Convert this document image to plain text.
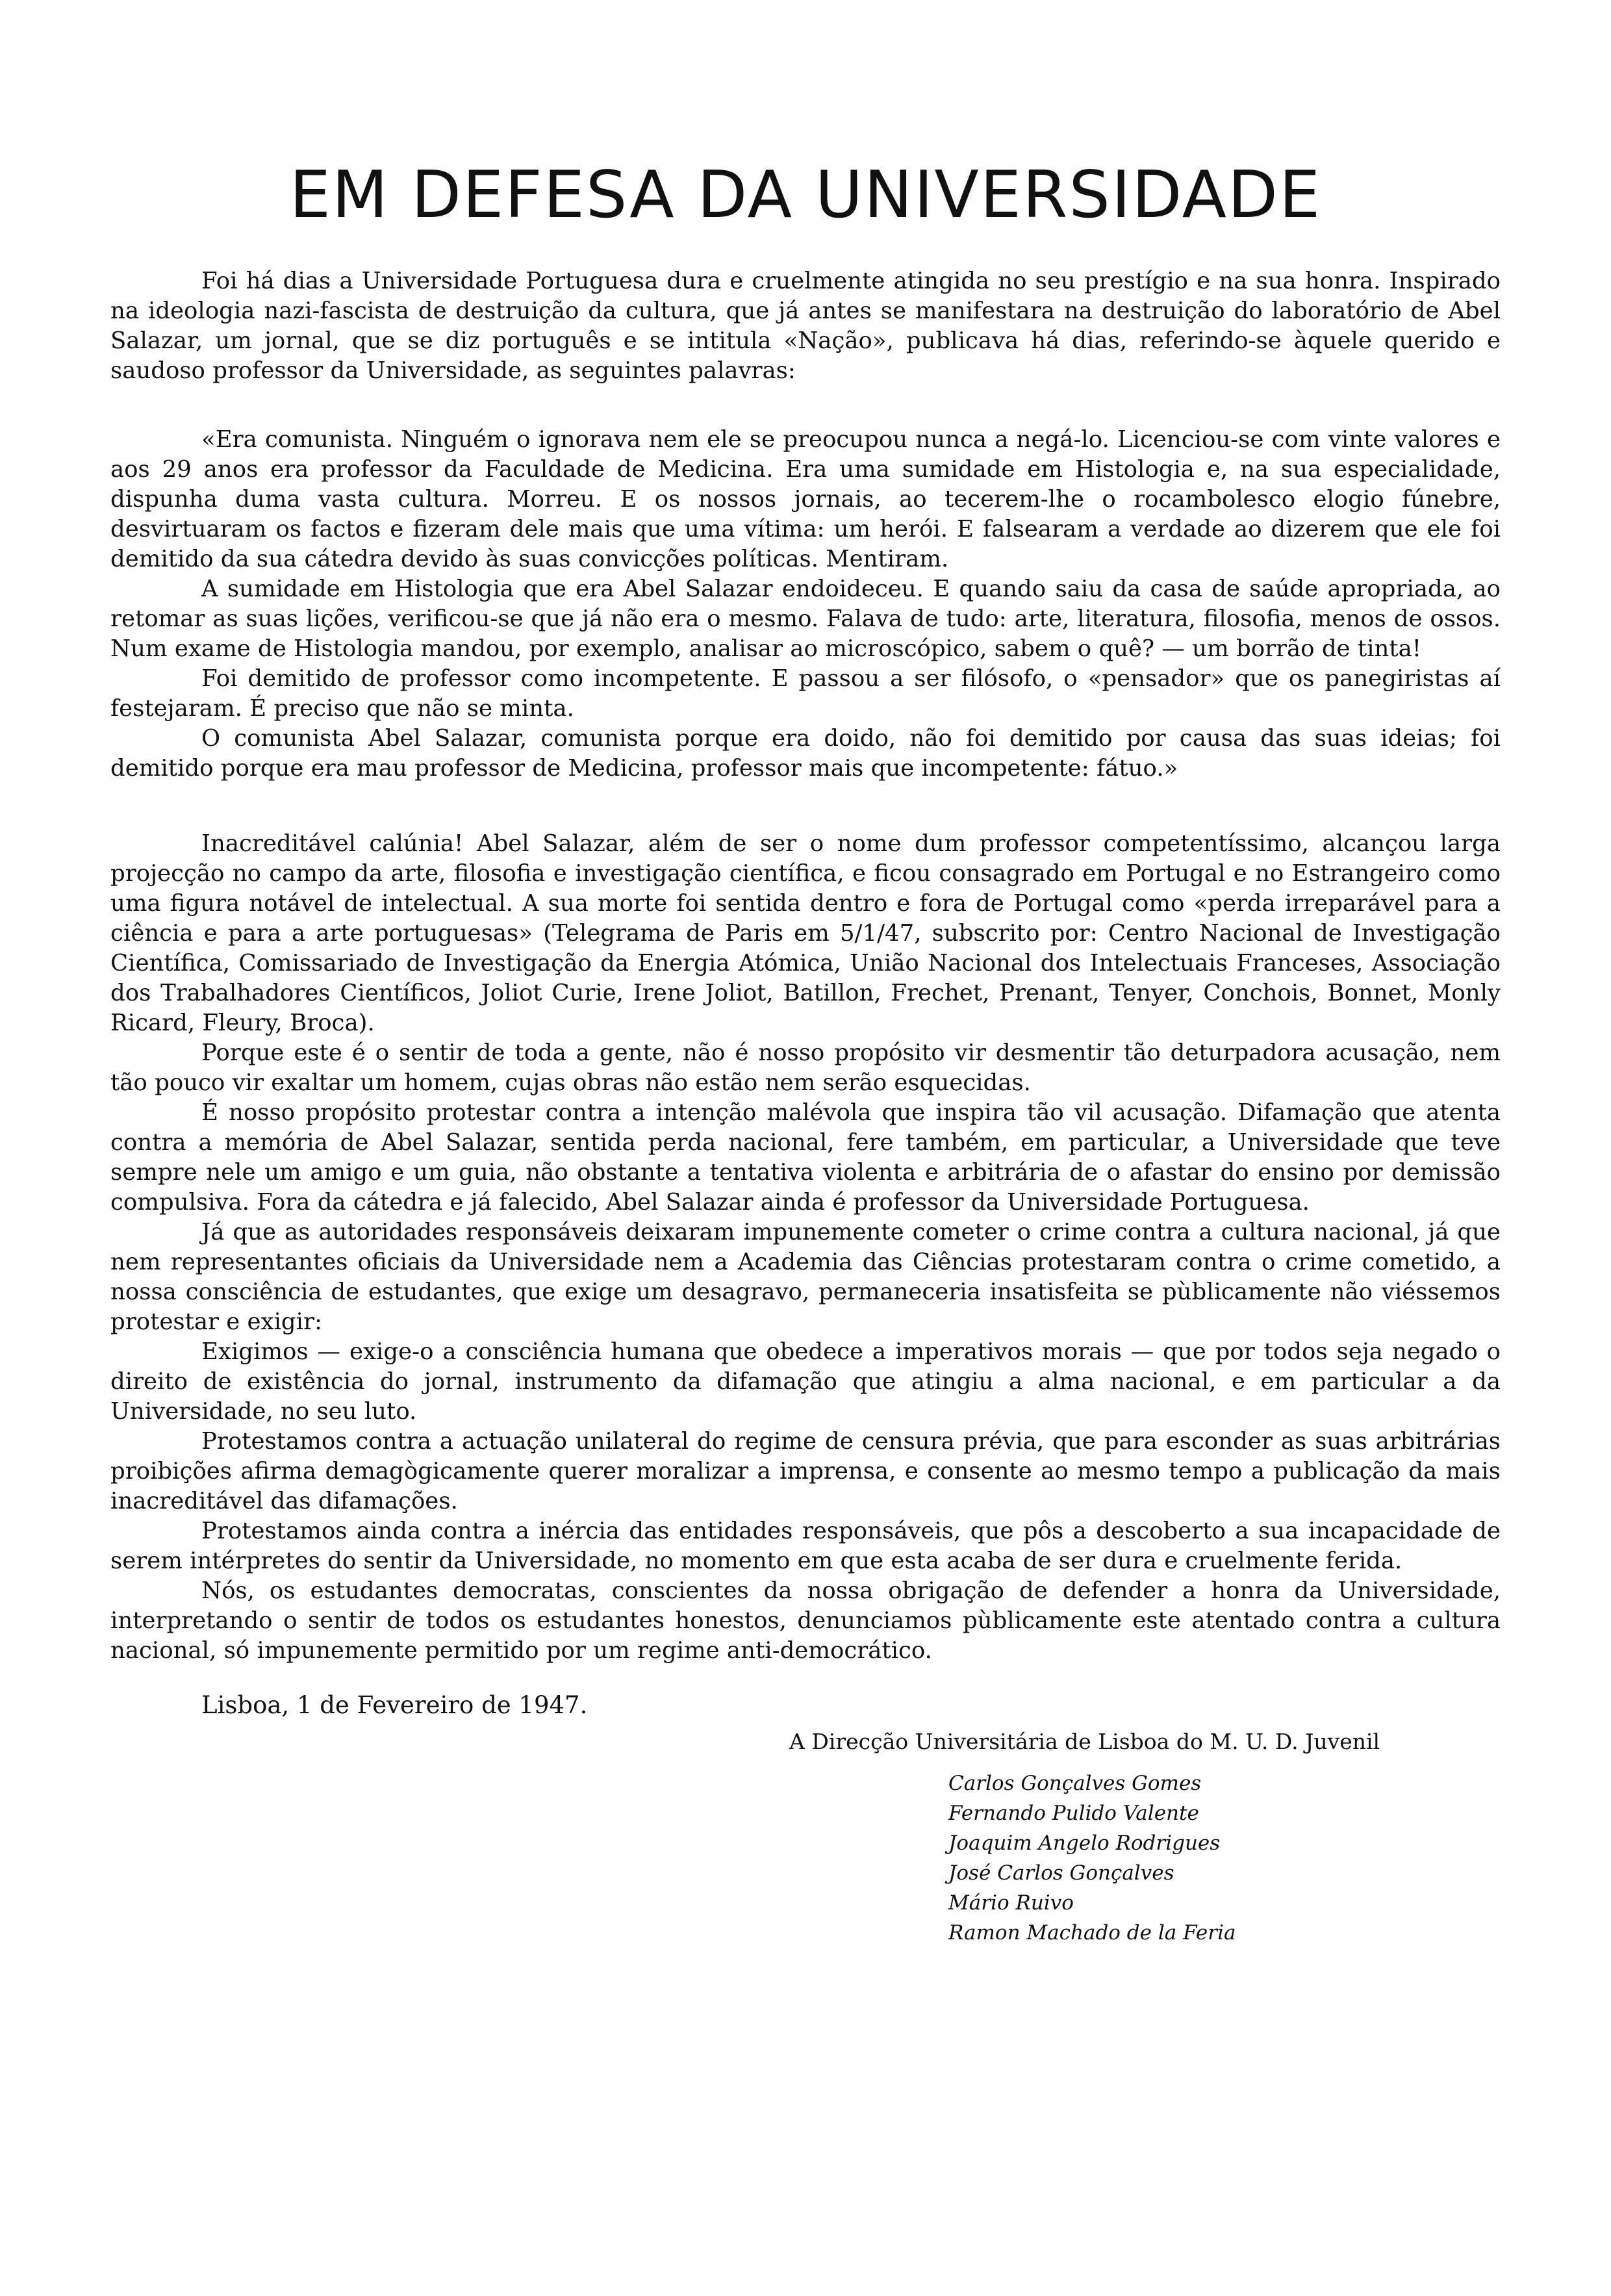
EM DEFESA DA UNIVERSIDADE

Foi há dias a Universidade Portuguesa dura e cruelmente atingida no seu prestígio e na sua honra. Inspirado na ideologia nazi-fascista de destruição da cultura, que já antes se manifestara na destruição do laboratório de Abel Salazar, um jornal, que se diz português e se intitula «Nação», publicava há dias, referindo-se àquele querido e saudoso professor da Universidade, as seguintes palavras:

«Era comunista. Ninguém o ignorava nem ele se preocupou nunca a negá-lo. Licenciou-se com vinte valores e aos 29 anos era professor da Faculdade de Medicina. Era uma sumidade em Histologia e, na sua especialidade, dispunha duma vasta cultura. Morreu. E os nossos jornais, ao tecerem-lhe o rocambolesco elogio fúnebre, desvirtuaram os factos e fizeram dele mais que uma vítima: um herói. E falsearam a verdade ao dizerem que ele foi demitido da sua cátedra devido às suas convicções políticas. Mentiram.

A sumidade em Histologia que era Abel Salazar endoideceu. E quando saiu da casa de saúde apropriada, ao retomar as suas lições, verificou-se que já não era o mesmo. Falava de tudo: arte, literatura, filosofia, menos de ossos. Num exame de Histologia mandou, por exemplo, analisar ao microscópico, sabem o quê? — um borrão de tinta!

Foi demitido de professor como incompetente. E passou a ser filósofo, o «pensador» que os panegiristas aí festejaram. É preciso que não se minta.

O comunista Abel Salazar, comunista porque era doido, não foi demitido por causa das suas ideias; foi demitido porque era mau professor de Medicina, professor mais que incompetente: fátuo.»

Inacreditável calúnia! Abel Salazar, além de ser o nome dum professor competentíssimo, alcançou larga projecção no campo da arte, filosofia e investigação científica, e ficou consagrado em Portugal e no Estrangeiro como uma figura notável de intelectual. A sua morte foi sentida dentro e fora de Portugal como «perda irreparável para a ciência e para a arte portuguesas» (Telegrama de Paris em 5/1/47, subscrito por: Centro Nacional de Investigação Científica, Comissariado de Investigação da Energia Atómica, União Nacional dos Intelectuais Franceses, Associação dos Trabalhadores Científicos, Joliot Curie, Irene Joliot, Batillon, Frechet, Prenant, Tenyer, Conchois, Bonnet, Monly Ricard, Fleury, Broca).

Porque este é o sentir de toda a gente, não é nosso propósito vir desmentir tão deturpadora acusação, nem tão pouco vir exaltar um homem, cujas obras não estão nem serão esquecidas.

É nosso propósito protestar contra a intenção malévola que inspira tão vil acusação. Difamação que atenta contra a memória de Abel Salazar, sentida perda nacional, fere também, em particular, a Universidade que teve sempre nele um amigo e um guia, não obstante a tentativa violenta e arbitrária de o afastar do ensino por demissão compulsiva. Fora da cátedra e já falecido, Abel Salazar ainda é professor da Universidade Portuguesa.

Já que as autoridades responsáveis deixaram impunemente cometer o crime contra a cultura nacional, já que nem representantes oficiais da Universidade nem a Academia das Ciências protestaram contra o crime cometido, a nossa consciência de estudantes, que exige um desagravo, permaneceria insatisfeita se pùblicamente não viéssemos protestar e exigir:

Exigimos — exige-o a consciência humana que obedece a imperativos morais — que por todos seja negado o direito de existência do jornal, instrumento da difamação que atingiu a alma nacional, e em particular a da Universidade, no seu luto.

Protestamos contra a actuação unilateral do regime de censura prévia, que para esconder as suas arbitrárias proibições afirma demagògicamente querer moralizar a imprensa, e consente ao mesmo tempo a publicação da mais inacreditável das difamações.

Protestamos ainda contra a inércia das entidades responsáveis, que pôs a descoberto a sua incapacidade de serem intérpretes do sentir da Universidade, no momento em que esta acaba de ser dura e cruelmente ferida.

Nós, os estudantes democratas, conscientes da nossa obrigação de defender a honra da Universidade, interpretando o sentir de todos os estudantes honestos, denunciamos pùblicamente este atentado contra a cultura nacional, só impunemente permitido por um regime anti-democrático.

Lisboa, 1 de Fevereiro de 1947.

A Direcção Universitária de Lisboa do M. U. D. Juvenil

Carlos Gonçalves Gomes
Fernando Pulido Valente
Joaquim Angelo Rodrigues
José Carlos Gonçalves
Mário Ruivo
Ramon Machado de la Feria
